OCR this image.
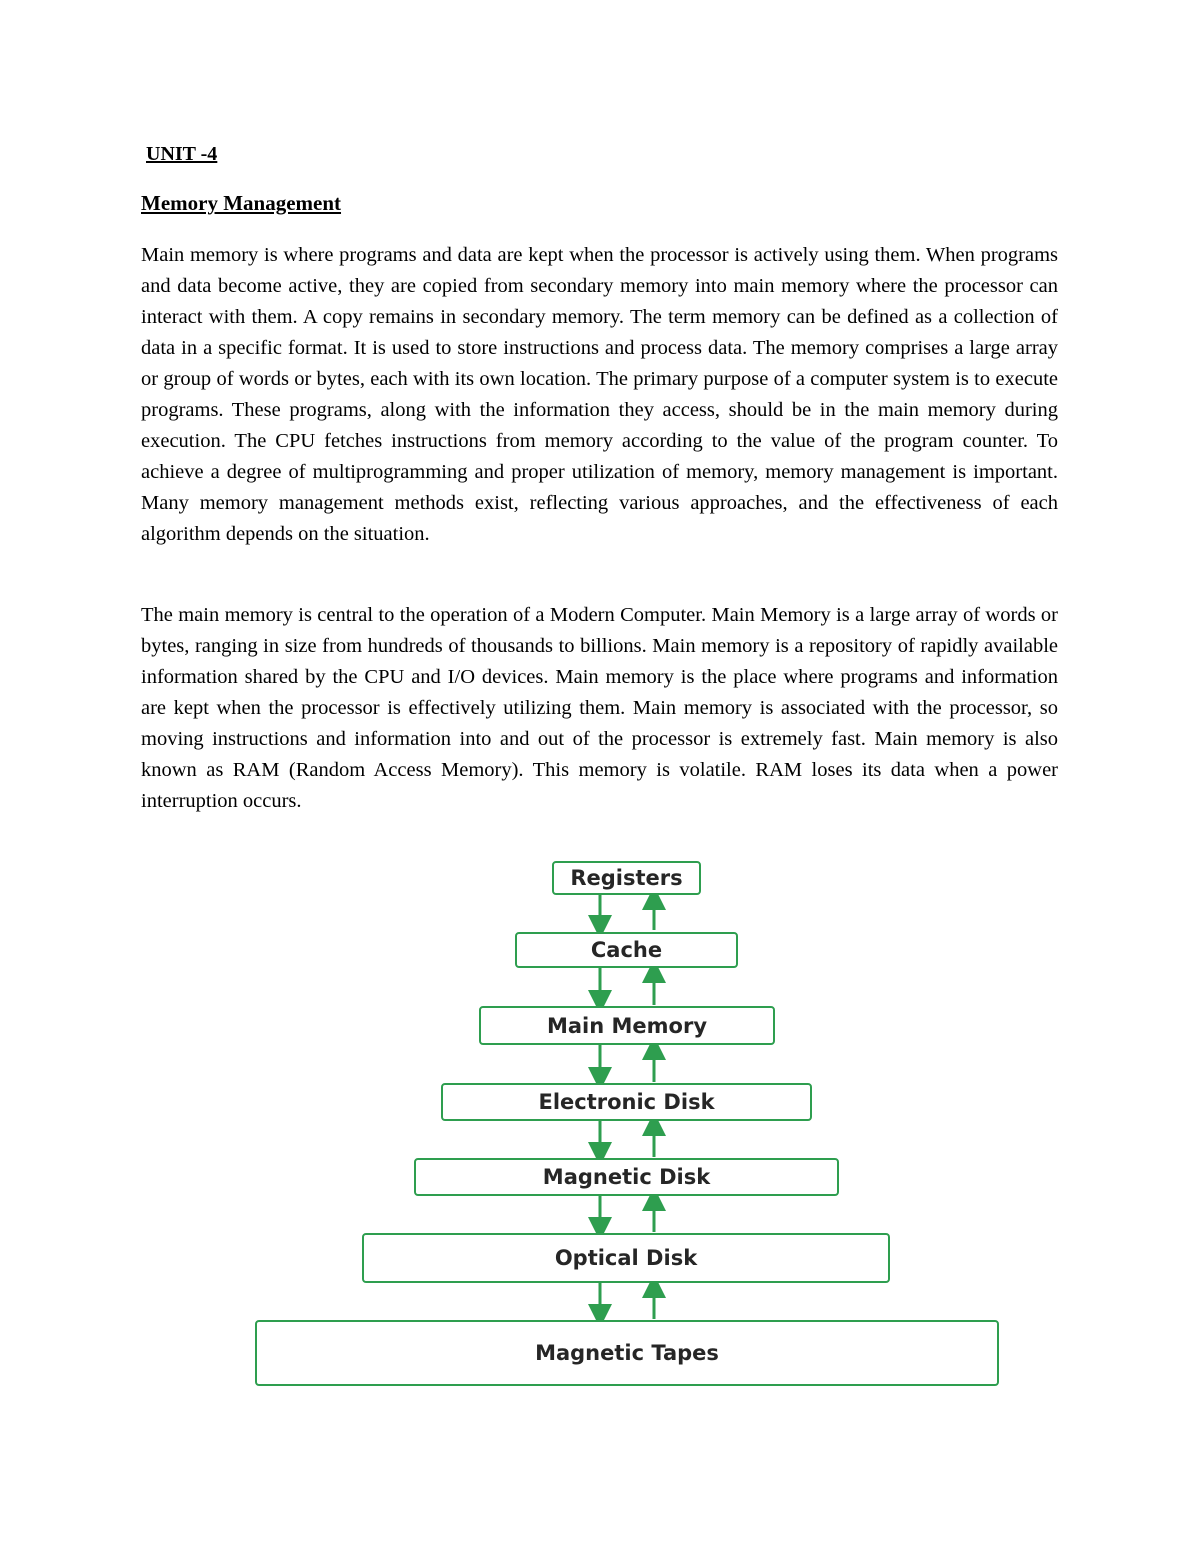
UNIT -4

Memory Management

Main memory is where programs and data are kept when the processor is actively using them. When programs and data become active, they are copied from secondary memory into main memory where the processor can interact with them. A copy remains in secondary memory. The term memory can be defined as a collection of data in a specific format. It is used to store instructions and process data. The memory comprises a large array or group of words or bytes, each with its own location. The primary purpose of a computer system is to execute programs. These programs, along with the information they access, should be in the main memory during execution. The CPU fetches instructions from memory according to the value of the program counter. To achieve a degree of multiprogramming and proper utilization of memory, memory management is important. Many memory management methods exist, reflecting various approaches, and the effectiveness of each algorithm depends on the situation.

The main memory is central to the operation of a Modern Computer. Main Memory is a large array of words or bytes, ranging in size from hundreds of thousands to billions. Main memory is a repository of rapidly available information shared by the CPU and I/O devices. Main memory is the place where programs and information are kept when the processor is effectively utilizing them. Main memory is associated with the processor, so moving instructions and information into and out of the processor is extremely fast. Main memory is also known as RAM (Random Access Memory). This memory is volatile. RAM loses its data when a power interruption occurs.

Registers
Cache
Main Memory
Electronic Disk
Magnetic Disk
Optical Disk
Magnetic Tapes
